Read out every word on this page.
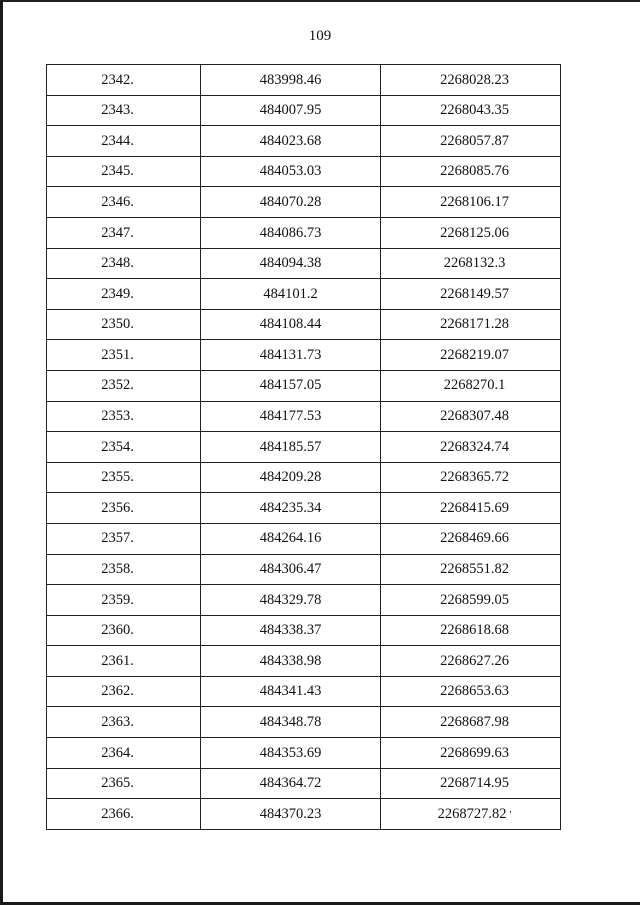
109
2342.	483998.46	2268028.23
2343.	484007.95	2268043.35
2344.	484023.68	2268057.87
2345.	484053.03	2268085.76
2346.	484070.28	2268106.17
2347.	484086.73	2268125.06
2348.	484094.38	2268132.3
2349.	484101.2	2268149.57
2350.	484108.44	2268171.28
2351.	484131.73	2268219.07
2352.	484157.05	2268270.1
2353.	484177.53	2268307.48
2354.	484185.57	2268324.74
2355.	484209.28	2268365.72
2356.	484235.34	2268415.69
2357.	484264.16	2268469.66
2358.	484306.47	2268551.82
2359.	484329.78	2268599.05
2360.	484338.37	2268618.68
2361.	484338.98	2268627.26
2362.	484341.43	2268653.63
2363.	484348.78	2268687.98
2364.	484353.69	2268699.63
2365.	484364.72	2268714.95
2366.	484370.23	2268727.82 '
